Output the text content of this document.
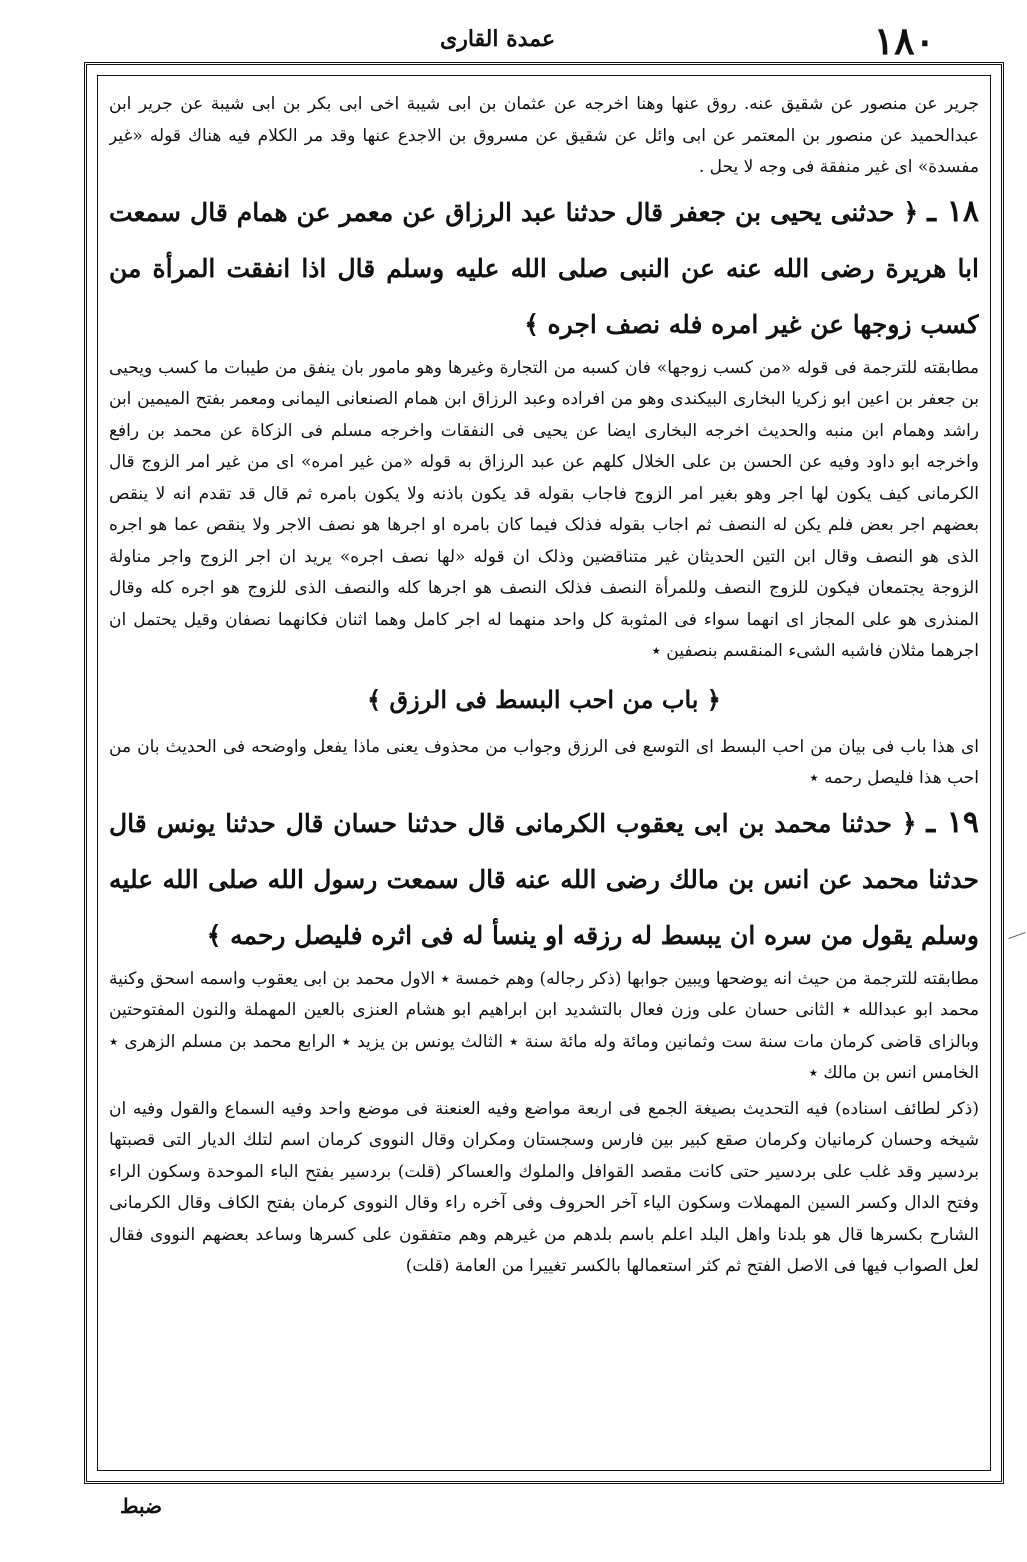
١٨٠
عمدة القاری

جریر عن منصور عن شقیق عنه. روق عنها وهنا اخرجه عن عثمان بن ابی شیبة اخی ابی بکر بن ابی شیبة عن جریر ابن عبدالحمید عن منصور بن المعتمر عن ابی وائل عن شقیق عن مسروق بن الاجدع عنها وقد مر الکلام فیه هناك قوله «غیر مفسدة» ای غیر منفقة فی وجه لا یحل .

١٨ ـ ﴿ حدثنی یحیی بن جعفر قال حدثنا عبد الرزاق عن معمر عن همام قال سمعت ابا هریرة رضی الله عنه عن النبی صلی الله علیه وسلم قال اذا انفقت المرأة من کسب زوجها عن غیر امره فله نصف اجره ﴾

مطابقته للترجمة فی قوله «من کسب زوجها» فان کسبه من التجارة وغیرها وهو مامور بان ینفق من طیبات ما کسب ویحیی بن جعفر بن اعین ابو زکریا البخاری البیکندی وهو من افراده وعبد الرزاق ابن همام الصنعانی الیمانی ومعمر بفتح المیمین ابن راشد وهمام ابن منبه والحدیث اخرجه البخاری ایضا عن یحیی فی النفقات واخرجه مسلم فی الزکاة عن محمد بن رافع واخرجه ابو داود وفیه عن الحسن بن علی الخلال کلهم عن عبد الرزاق به قوله «من غیر امره» ای من غیر امر الزوج قال الکرمانی کیف یکون لها اجر وهو بغیر امر الزوج فاجاب بقوله قد یکون باذنه ولا یکون بامره ثم قال قد تقدم انه لا ینقص بعضهم اجر بعض فلم یکن له النصف ثم اجاب بقوله فذلک فیما کان بامره او اجرها هو نصف الاجر ولا ینقص عما هو اجره الذی هو النصف وقال ابن التین الحدیثان غیر متناقضین وذلک ان قوله «لها نصف اجره» یرید ان اجر الزوج واجر مناولة الزوجة یجتمعان فیکون للزوج النصف وللمرأة النصف فذلک النصف هو اجرها کله والنصف الذی للزوج هو اجره کله وقال المنذری هو علی المجاز ای انهما سواء فی المثوبة کل واحد منهما له اجر کامل وهما اثنان فکانهما نصفان وقیل یحتمل ان اجرهما مثلان فاشبه الشیء المنقسم بنصفین ٭

﴿ باب من احب البسط فی الرزق ﴾

ای هذا باب فی بیان من احب البسط ای التوسع فی الرزق وجواب من محذوف یعنی ماذا یفعل واوضحه فی الحدیث بان من احب هذا فلیصل رحمه ٭

١٩ ـ ﴿ حدثنا محمد بن ابی یعقوب الکرمانی قال حدثنا حسان قال حدثنا یونس قال حدثنا محمد عن انس بن مالك رضی الله عنه قال سمعت رسول الله صلی الله علیه وسلم یقول من سره ان یبسط له رزقه او ینسأ له فی اثره فلیصل رحمه ﴾

مطابقته للترجمة من حیث انه یوضحها ویبین جوابها (ذکر رجاله) وهم خمسة ٭ الاول محمد بن ابی یعقوب واسمه اسحق وکنیة محمد ابو عبدالله ٭ الثانی حسان علی وزن فعال بالتشدید ابن ابراهیم ابو هشام العنزی بالعین المهملة والنون المفتوحتین وبالزای قاضی کرمان مات سنة ست وثمانین ومائة وله مائة سنة ٭ الثالث یونس بن یزید ٭ الرابع محمد بن مسلم الزهری ٭ الخامس انس بن مالك ٭

(ذکر لطائف اسناده) فیه التحدیث بصیغة الجمع فی اربعة مواضع وفیه العنعنة فی موضع واحد وفیه السماع والقول وفیه ان شیخه وحسان کرمانیان وکرمان صقع کبیر بین فارس وسجستان ومکران وقال النووی کرمان اسم لتلك الدیار التی قصبتها بردسیر وقد غلب علی بردسیر حتی کانت مقصد القوافل والملوك والعساکر (قلت) بردسیر بفتح الباء الموحدة وسکون الراء وفتح الدال وکسر السین المهملات وسکون الیاء آخر الحروف وفی آخره راء وقال النووی کرمان بفتح الکاف وقال الکرمانی الشارح بکسرها قال هو بلدنا واهل البلد اعلم باسم بلدهم من غیرهم وهم متفقون علی کسرها وساعد بعضهم النووی فقال لعل الصواب فیها فی الاصل الفتح ثم کثر استعمالها بالکسر تغییرا من العامة (قلت)

ضبط
